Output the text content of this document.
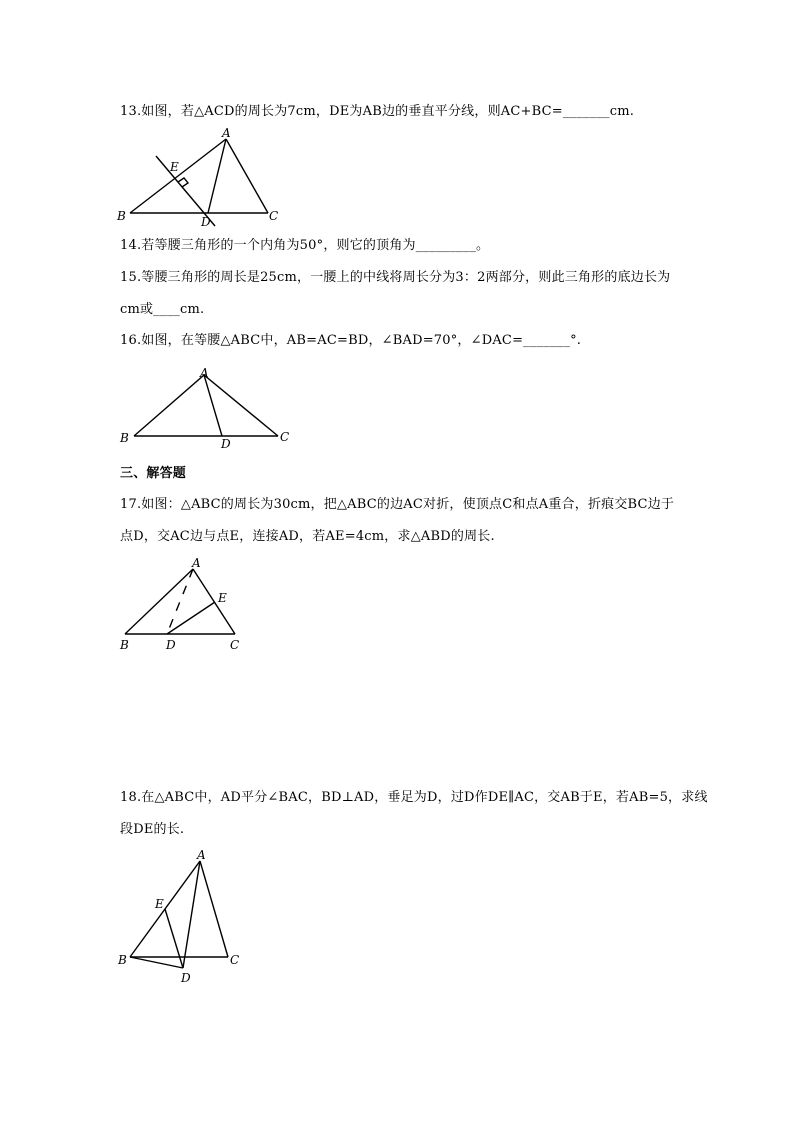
13.如图，若△ACD的周长为7cm，DE为AB边的垂直平分线，则AC+BC=_______cm.
A
E
B	D	C
14.若等腰三角形的一个内角为50°，则它的顶角为_________。
15.等腰三角形的周长是25cm，一腰上的中线将周长分为3：2两部分，则此三角形的底边长为
cm或____cm.
16.如图，在等腰△ABC中，AB=AC=BD，∠BAD=70°，∠DAC=_______°.
A
B	D	C
三、解答题
17.如图：△ABC的周长为30cm，把△ABC的边AC对折，使顶点C和点A重合，折痕交BC边于
点D，交AC边与点E，连接AD，若AE=4cm，求△ABD的周长.
A
E
B	D	C
18.在△ABC中，AD平分∠BAC，BD⊥AD，垂足为D，过D作DE∥AC，交AB于E，若AB=5，求线
段DE的长.
A
E
B	C
D
